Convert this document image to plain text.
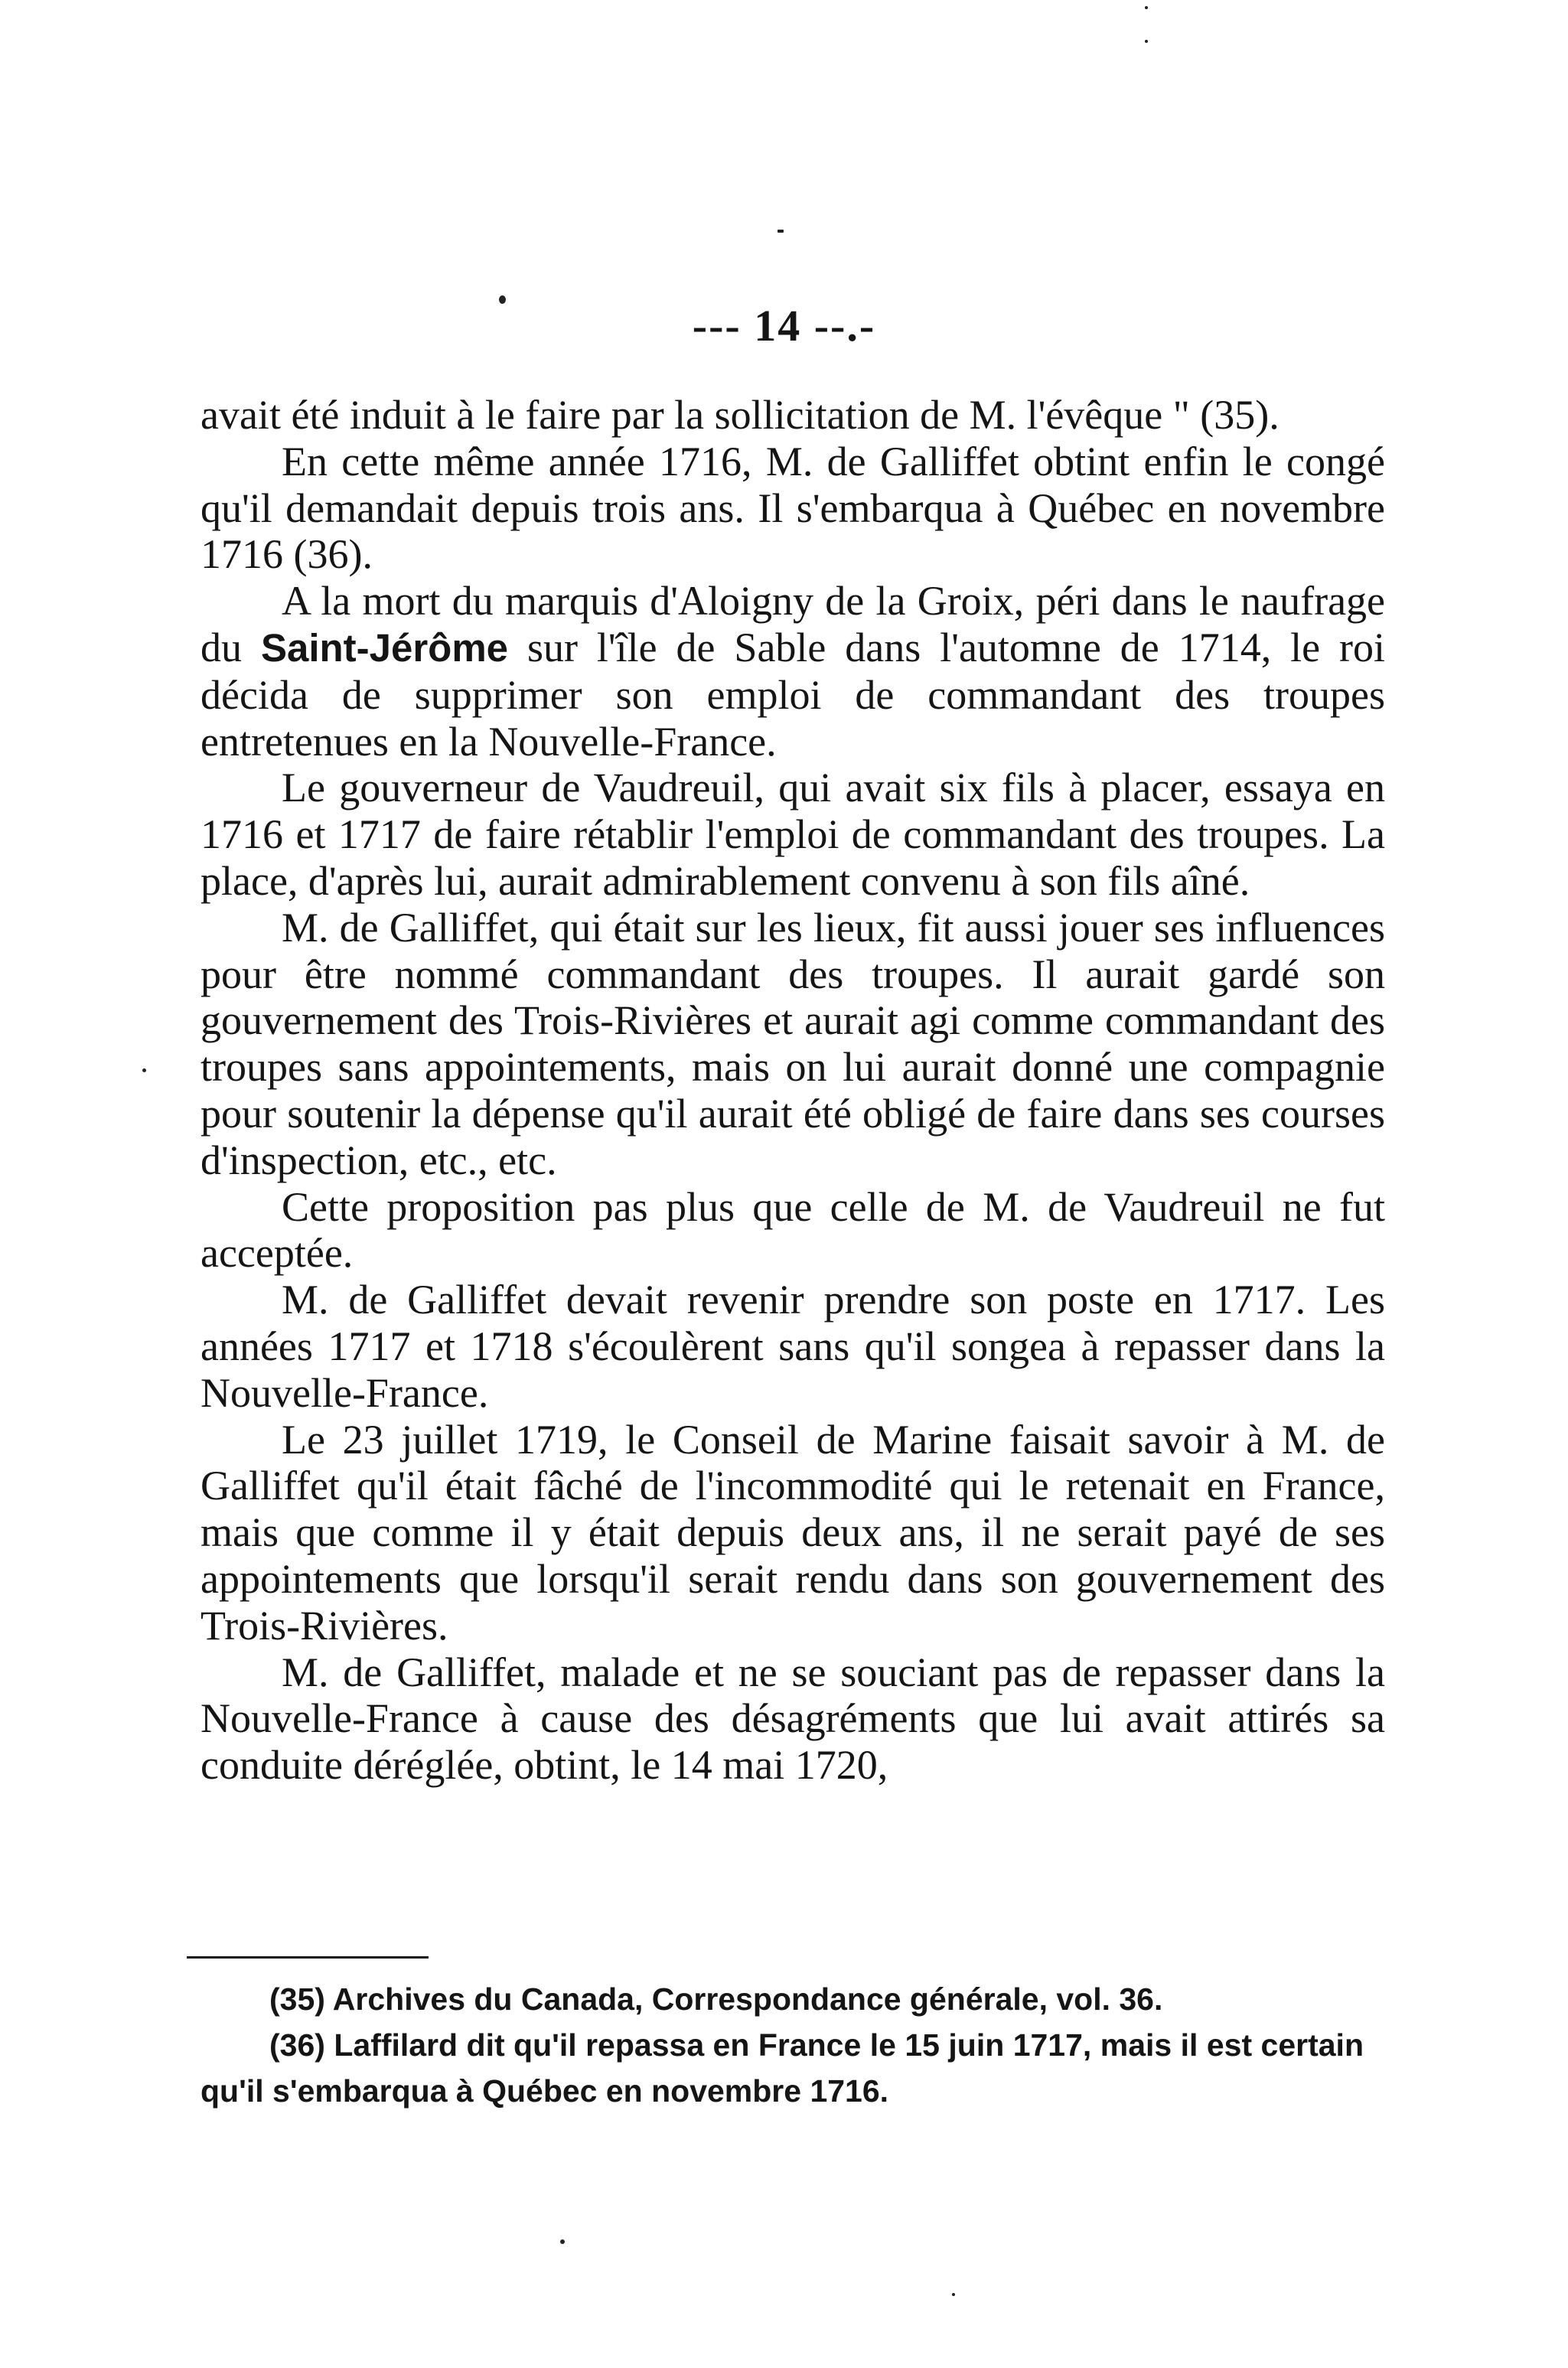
--- 14 --.-

avait été induit à le faire par la sollicitation de M. l'évêque " (35).

En cette même année 1716, M. de Galliffet obtint enfin le congé qu'il demandait depuis trois ans. Il s'embarqua à Québec en novembre 1716 (36).

A la mort du marquis d'Aloigny de la Groix, péri dans le naufrage du Saint-Jérôme sur l'île de Sable dans l'automne de 1714, le roi décida de supprimer son emploi de commandant des troupes entretenues en la Nouvelle-France.

Le gouverneur de Vaudreuil, qui avait six fils à placer, essaya en 1716 et 1717 de faire rétablir l'emploi de commandant des troupes. La place, d'après lui, aurait admirablement convenu à son fils aîné.

M. de Galliffet, qui était sur les lieux, fit aussi jouer ses influences pour être nommé commandant des troupes. Il aurait gardé son gouvernement des Trois-Rivières et aurait agi comme commandant des troupes sans appointements, mais on lui aurait donné une compagnie pour soutenir la dépense qu'il aurait été obligé de faire dans ses courses d'inspection, etc., etc.

Cette proposition pas plus que celle de M. de Vaudreuil ne fut acceptée.

M. de Galliffet devait revenir prendre son poste en 1717. Les années 1717 et 1718 s'écoulèrent sans qu'il songea à repasser dans la Nouvelle-France.

Le 23 juillet 1719, le Conseil de Marine faisait savoir à M. de Galliffet qu'il était fâché de l'incommodité qui le retenait en France, mais que comme il y était depuis deux ans, il ne serait payé de ses appointements que lorsqu'il serait rendu dans son gouvernement des Trois-Rivières.

M. de Galliffet, malade et ne se souciant pas de repasser dans la Nouvelle-France à cause des désagréments que lui avait attirés sa conduite déréglée, obtint, le 14 mai 1720,

(35) Archives du Canada, Correspondance générale, vol. 36.

(36) Laffilard dit qu'il repassa en France le 15 juin 1717, mais il est certain qu'il s'embarqua à Québec en novembre 1716.
